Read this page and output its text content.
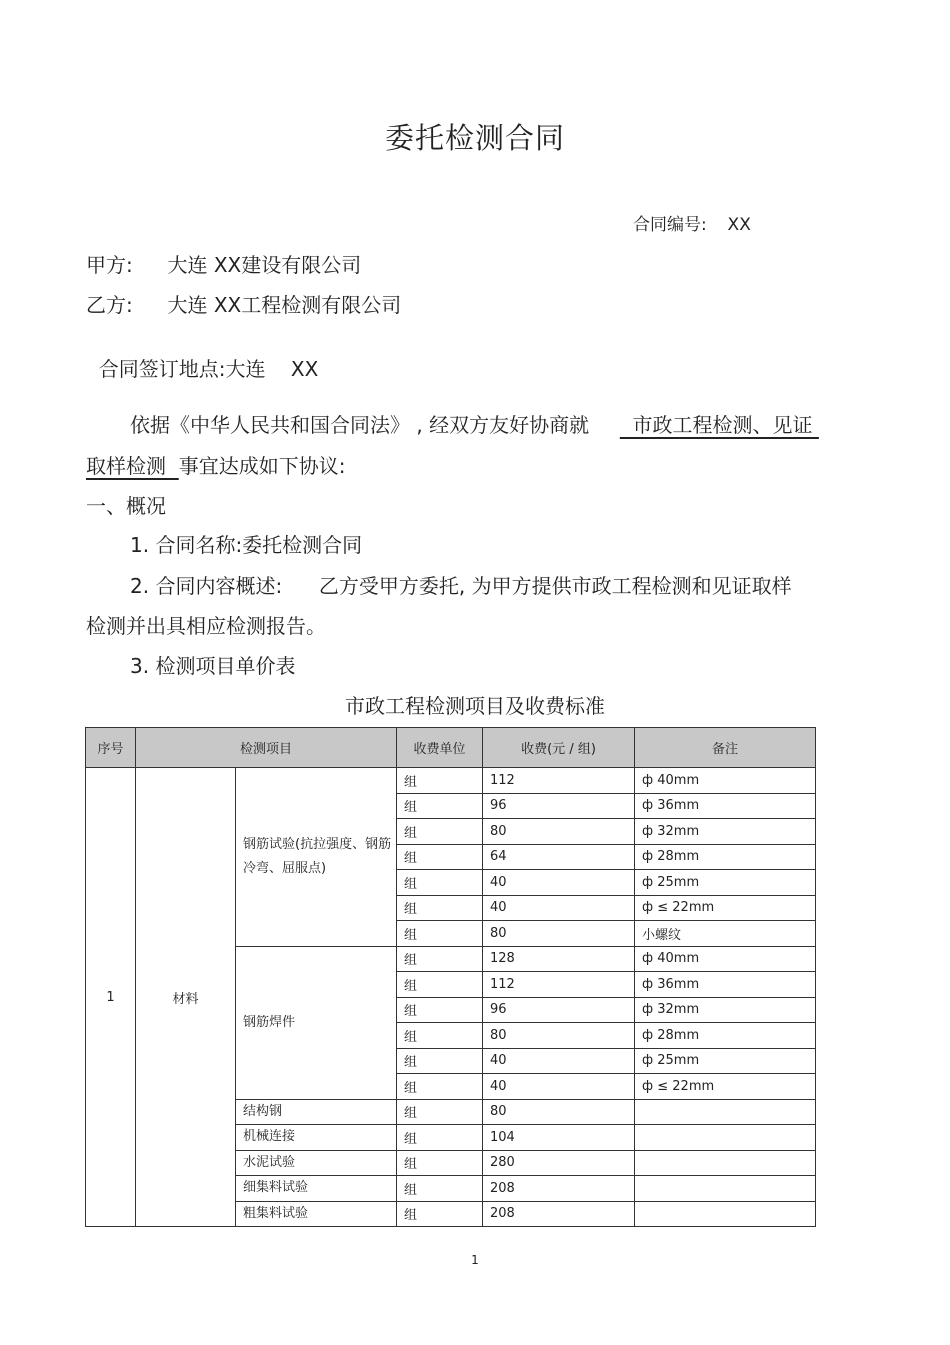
委托检测合同
合同编号: XX
甲方: 大连 XX建设有限公司
乙方: 大连 XX工程检测有限公司

合同签订地点:大连    XX

依据《中华人民共和国合同法》 , 经双方友好协商就 市政工程检测、见证
取样检测 事宜达成如下协议:
一、概况
1. 合同名称:委托检测合同
2. 合同内容概述: 乙方受甲方委托, 为甲方提供市政工程检测和见证取样
检测并出具相应检测报告。
3. 检测项目单价表
市政工程检测项目及收费标准
序号	检测项目		收费单位	收费(元 / 组)	备注
1	材料	钢筋试验(抗拉强度、钢筋冷弯、屈服点)	组	112	ф 40mm
			组	96	ф 36mm
			组	80	ф 32mm
			组	64	ф 28mm
			组	40	ф 25mm
			组	40	ф ≤ 22mm
			组	80	小螺纹
		钢筋焊件	组	128	ф 40mm
			组	112	ф 36mm
			组	96	ф 32mm
			组	80	ф 28mm
			组	40	ф 25mm
			组	40	ф ≤ 22mm
		结构钢	组	80	
		机械连接	组	104	
		水泥试验	组	280	
		细集料试验	组	208	
		粗集料试验	组	208	
1
